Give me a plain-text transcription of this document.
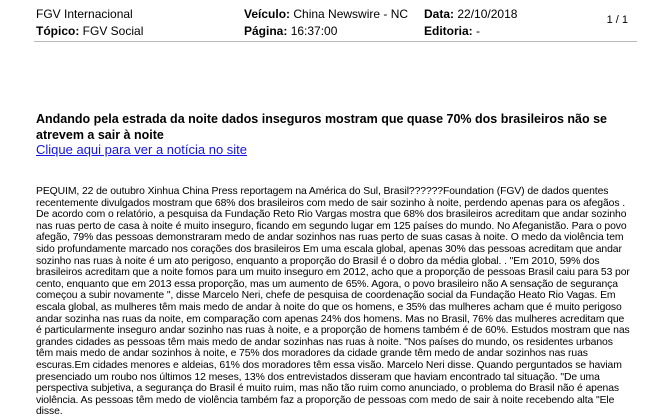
FGV Internacional
Tópico: FGV Social
Veículo: China Newswire - NC
Página: 16:37:00
Data: 22/10/2018
Editoria: -
1 / 1
Andando pela estrada da noite dados inseguros mostram que quase 70% dos brasileiros não se atrevem a sair à noite
Clique aqui para ver a notícia no site
PEQUIM, 22 de outubro Xinhua China Press reportagem na América do Sul, Brasil??????Foundation (FGV) de dados quentes recentemente divulgados mostram que 68% dos brasileiros com medo de sair sozinho à noite, perdendo apenas para os afegãos . De acordo com o relatório, a pesquisa da Fundação Reto Rio Vargas mostra que 68% dos brasileiros acreditam que andar sozinho nas ruas perto de casa à noite é muito inseguro, ficando em segundo lugar em 125 países do mundo. No Afeganistão. Para o povo afegão, 79% das pessoas demonstraram medo de andar sozinhos nas ruas perto de suas casas à noite. O medo da violência tem sido profundamente marcado nos corações dos brasileiros Em uma escala global, apenas 30% das pessoas acreditam que andar sozinho nas ruas à noite é um ato perigoso, enquanto a proporção do Brasil é o dobro da média global. . "Em 2010, 59% dos brasileiros acreditam que a noite fomos para um muito inseguro em 2012, acho que a proporção de pessoas Brasil caiu para 53 por cento, enquanto que em 2013 essa proporção, mas um aumento de 65%. Agora, o povo brasileiro não A sensação de segurança começou a subir novamente ", disse Marcelo Neri, chefe de pesquisa de coordenação social da Fundação Heato Rio Vagas. Em escala global, as mulheres têm mais medo de andar à noite do que os homens, e 35% das mulheres acham que é muito perigoso andar sozinha nas ruas da noite, em comparação com apenas 24% dos homens. Mas no Brasil, 76% das mulheres acreditam que é particularmente inseguro andar sozinho nas ruas à noite, e a proporção de homens também é de 60%. Estudos mostram que nas grandes cidades as pessoas têm mais medo de andar sozinhas nas ruas à noite. "Nos países do mundo, os residentes urbanos têm mais medo de andar sozinhos à noite, e 75% dos moradores da cidade grande têm medo de andar sozinhos nas ruas escuras.Em cidades menores e aldeias, 61% dos moradores têm essa visão. Marcelo Neri disse. Quando perguntados se haviam presenciado um roubo nos últimos 12 meses, 13% dos entrevistados disseram que haviam encontrado tal situação. "De uma perspectiva subjetiva, a segurança do Brasil é muito ruim, mas não tão ruim como anunciado, o problema do Brasil não é apenas violência. As pessoas têm medo de violência também faz a proporção de pessoas com medo de sair à noite recebendo alta "Ele disse.
